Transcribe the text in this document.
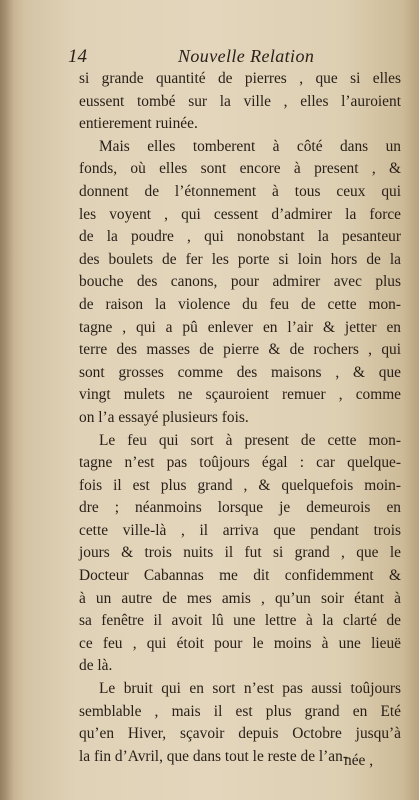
14	Nouvelle Relation
si grande quantité de pierres , que si elles
eussent tombé sur la ville , elles l’auroient
entierement ruinée.
Mais elles tomberent à côté dans un
fonds, où elles sont encore à present , &
donnent de l’étonnement à tous ceux qui
les voyent , qui cessent d’admirer la force
de la poudre , qui nonobstant la pesanteur
des boulets de fer les porte si loin hors de la
bouche des canons, pour admirer avec plus
de raison la violence du feu de cette mon-
tagne , qui a pû enlever en l’air & jetter en
terre des masses de pierre & de rochers , qui
sont grosses comme des maisons , & que
vingt mulets ne sçauroient remuer , comme
on l’a essayé plusieurs fois.
Le feu qui sort à present de cette mon-
tagne n’est pas toûjours égal : car quelque-
fois il est plus grand , & quelquefois moin-
dre ; néanmoins lorsque je demeurois en
cette ville-là , il arriva que pendant trois
jours & trois nuits il fut si grand , que le
Docteur Cabannas me dit confidemment &
à un autre de mes amis , qu’un soir étant à
sa fenêtre il avoit lû une lettre à la clarté de
ce feu , qui étoit pour le moins à une lieuë
de là.
Le bruit qui en sort n’est pas aussi toûjours
semblable , mais il est plus grand en Eté
qu’en Hiver, sçavoir depuis Octobre jusqu’à
la fin d’Avril, que dans tout le reste de l’an-
née ,
